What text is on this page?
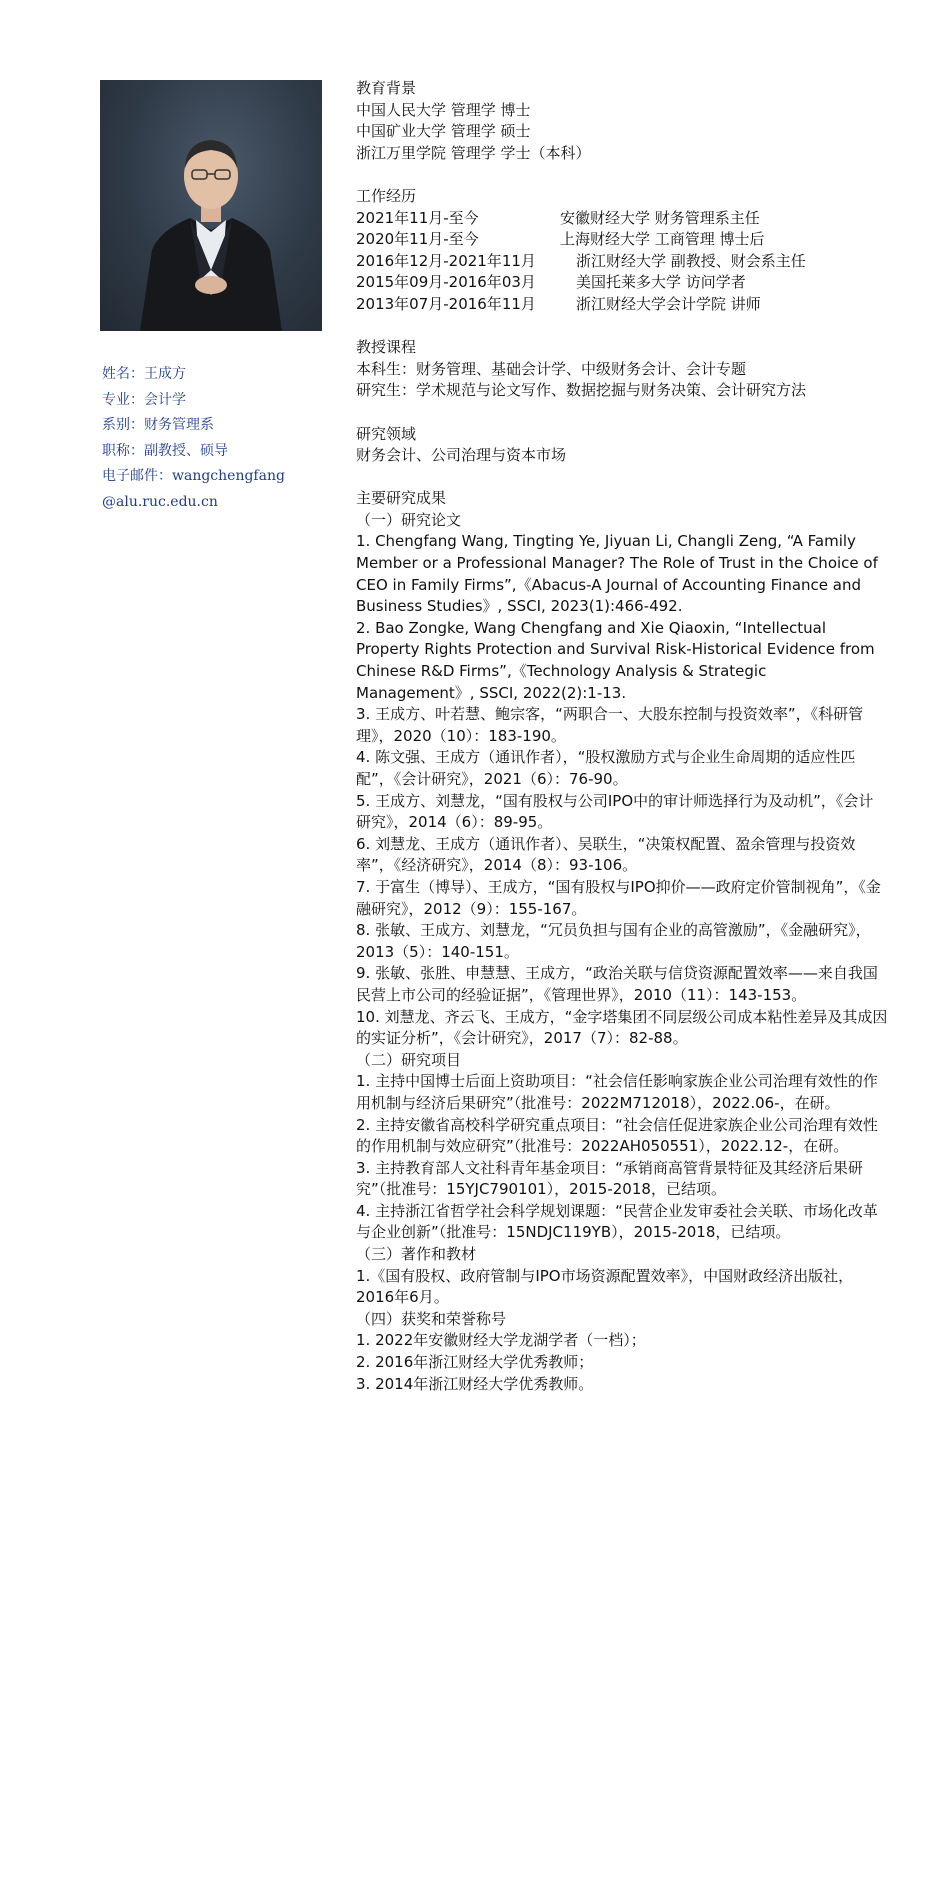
姓名：王成方
专业：会计学
系别：财务管理系
职称：副教授、硕导
电子邮件：wangchengfang
@alu.ruc.edu.cn
教育背景
中国人民大学 管理学 博士
中国矿业大学 管理学 硕士
浙江万里学院 管理学 学士（本科）
工作经历
2021年11月-至今	安徽财经大学 财务管理系主任
2020年11月-至今	上海财经大学 工商管理 博士后
2016年12月-2021年11月	浙江财经大学 副教授、财会系主任
2015年09月-2016年03月	美国托莱多大学 访问学者
2013年07月-2016年11月	浙江财经大学会计学院 讲师
教授课程
本科生：财务管理、基础会计学、中级财务会计、会计专题
研究生：学术规范与论文写作、数据挖掘与财务决策、会计研究方法
研究领域
财务会计、公司治理与资本市场
主要研究成果
（一）研究论文
1. Chengfang Wang, Tingting Ye, Jiyuan Li, Changli Zeng, “A Family Member or a Professional Manager? The Role of Trust in the Choice of CEO in Family Firms”,《Abacus-A Journal of Accounting Finance and Business Studies》, SSCI, 2023(1):466-492.
2. Bao Zongke, Wang Chengfang and Xie Qiaoxin, “Intellectual Property Rights Protection and Survival Risk-Historical Evidence from Chinese R&D Firms”,《Technology Analysis & Strategic Management》, SSCI, 2022(2):1-13.
3. 王成方、叶若慧、鲍宗客，“两职合一、大股东控制与投资效率”，《科研管理》，2020（10）：183-190。
4. 陈文强、王成方（通讯作者），“股权激励方式与企业生命周期的适应性匹配”，《会计研究》，2021（6）：76-90。
5. 王成方、刘慧龙，“国有股权与公司IPO中的审计师选择行为及动机”，《会计研究》，2014（6）：89-95。
6. 刘慧龙、王成方（通讯作者）、吴联生，“决策权配置、盈余管理与投资效率”，《经济研究》，2014（8）：93-106。
7. 于富生（博导）、王成方，“国有股权与IPO抑价——政府定价管制视角”，《金融研究》，2012（9）：155-167。
8. 张敏、王成方、刘慧龙，“冗员负担与国有企业的高管激励”，《金融研究》，2013（5）：140-151。
9. 张敏、张胜、申慧慧、王成方，“政治关联与信贷资源配置效率——来自我国民营上市公司的经验证据”，《管理世界》，2010（11）：143-153。
10. 刘慧龙、齐云飞、王成方，“金字塔集团不同层级公司成本粘性差异及其成因的实证分析”，《会计研究》，2017（7）：82-88。
（二）研究项目
1. 主持中国博士后面上资助项目：“社会信任影响家族企业公司治理有效性的作用机制与经济后果研究”（批准号：2022M712018），2022.06-，在研。
2. 主持安徽省高校科学研究重点项目：“社会信任促进家族企业公司治理有效性的作用机制与效应研究”（批准号：2022AH050551），2022.12-，在研。
3. 主持教育部人文社科青年基金项目：“承销商高管背景特征及其经济后果研究”（批准号：15YJC790101），2015-2018，已结项。
4. 主持浙江省哲学社会科学规划课题：“民营企业发审委社会关联、市场化改革与企业创新”（批准号：15NDJC119YB），2015-2018，已结项。
（三）著作和教材
1.《国有股权、政府管制与IPO市场资源配置效率》，中国财政经济出版社，2016年6月。
（四）获奖和荣誉称号
1. 2022年安徽财经大学龙湖学者（一档）；
2. 2016年浙江财经大学优秀教师；
3. 2014年浙江财经大学优秀教师。
